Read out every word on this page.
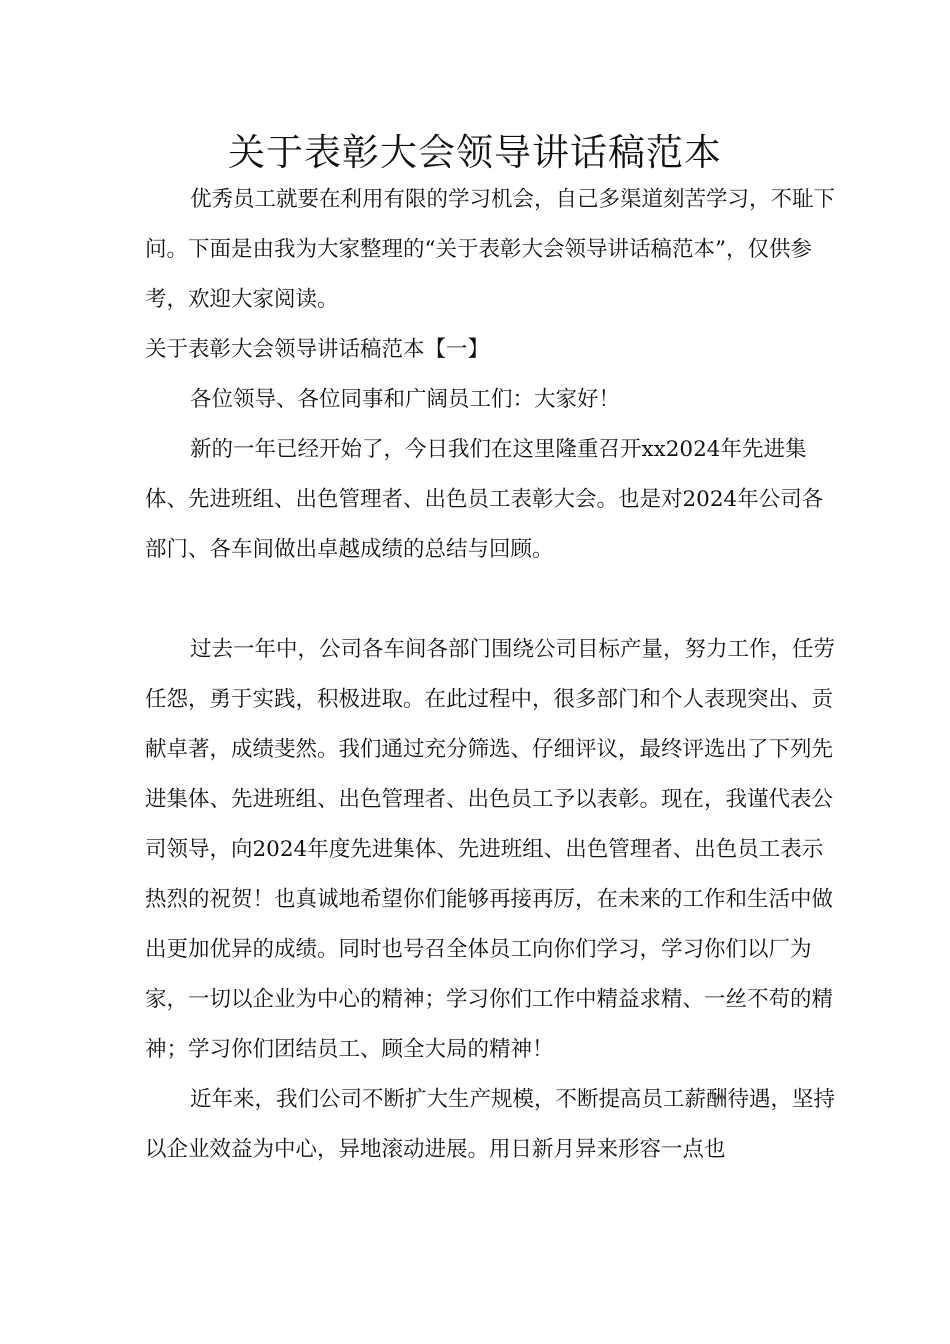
关于表彰大会领导讲话稿范本

优秀员工就要在利用有限的学习机会，自己多渠道刻苦学习，不耻下问。下面是由我为大家整理的“关于表彰大会领导讲话稿范本”，仅供参考，欢迎大家阅读。

关于表彰大会领导讲话稿范本【一】

各位领导、各位同事和广阔员工们：大家好！

新的一年已经开始了，今日我们在这里隆重召开xx2024年先进集体、先进班组、出色管理者、出色员工表彰大会。也是对2024年公司各部门、各车间做出卓越成绩的总结与回顾。

过去一年中，公司各车间各部门围绕公司目标产量，努力工作，任劳任怨，勇于实践，积极进取。在此过程中，很多部门和个人表现突出、贡献卓著，成绩斐然。我们通过充分筛选、仔细评议，最终评选出了下列先进集体、先进班组、出色管理者、出色员工予以表彰。现在，我谨代表公司领导，向2024年度先进集体、先进班组、出色管理者、出色员工表示热烈的祝贺！也真诚地希望你们能够再接再厉，在未来的工作和生活中做出更加优异的成绩。同时也号召全体员工向你们学习，学习你们以厂为家，一切以企业为中心的精神；学习你们工作中精益求精、一丝不苟的精神；学习你们团结员工、顾全大局的精神！

近年来，我们公司不断扩大生产规模，不断提高员工薪酬待遇，坚持以企业效益为中心，异地滚动进展。用日新月异来形容一点也
